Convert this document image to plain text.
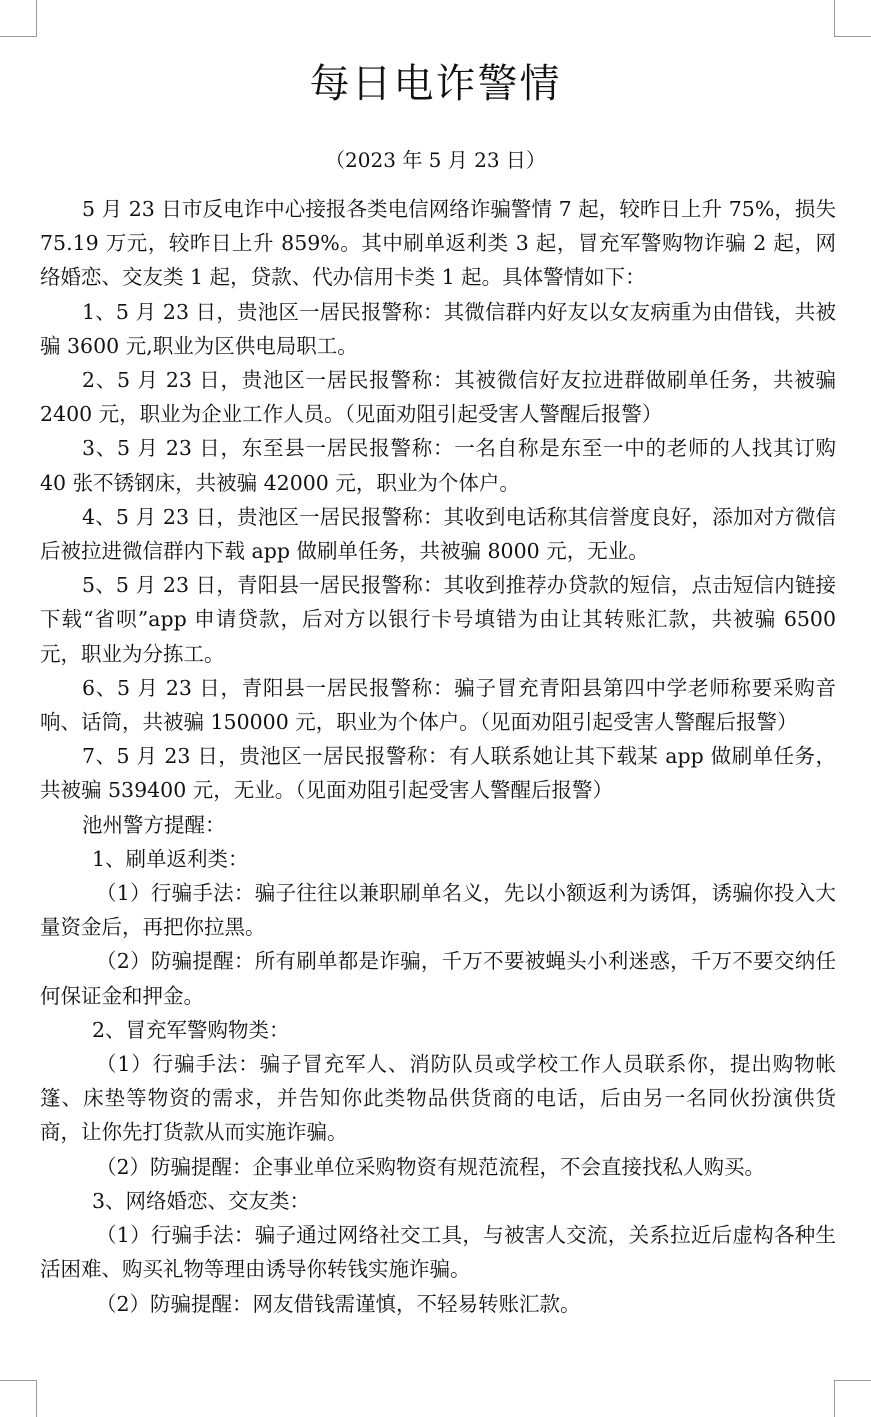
每日电诈警情

（2023 年 5 月 23 日）

5 月 23 日市反电诈中心接报各类电信网络诈骗警情 7 起，较昨日上升 75%，损失 75.19 万元，较昨日上升 859%。其中刷单返利类 3 起，冒充军警购物诈骗 2 起，网络婚恋、交友类 1 起，贷款、代办信用卡类 1 起。具体警情如下：

1、5 月 23 日，贵池区一居民报警称：其微信群内好友以女友病重为由借钱，共被骗 3600 元,职业为区供电局职工。

2、5 月 23 日，贵池区一居民报警称：其被微信好友拉进群做刷单任务，共被骗 2400 元，职业为企业工作人员。（见面劝阻引起受害人警醒后报警）

3、5 月 23 日，东至县一居民报警称：一名自称是东至一中的老师的人找其订购 40 张不锈钢床，共被骗 42000 元，职业为个体户。

4、5 月 23 日，贵池区一居民报警称：其收到电话称其信誉度良好，添加对方微信后被拉进微信群内下载 app 做刷单任务，共被骗 8000 元，无业。

5、5 月 23 日，青阳县一居民报警称：其收到推荐办贷款的短信，点击短信内链接下载“省呗”app 申请贷款，后对方以银行卡号填错为由让其转账汇款，共被骗 6500 元，职业为分拣工。

6、5 月 23 日，青阳县一居民报警称：骗子冒充青阳县第四中学老师称要采购音响、话筒，共被骗 150000 元，职业为个体户。（见面劝阻引起受害人警醒后报警）

7、5 月 23 日，贵池区一居民报警称：有人联系她让其下载某 app 做刷单任务，共被骗 539400 元，无业。（见面劝阻引起受害人警醒后报警）

池州警方提醒：

1、刷单返利类：

（1）行骗手法：骗子往往以兼职刷单名义，先以小额返利为诱饵，诱骗你投入大量资金后，再把你拉黑。

（2）防骗提醒：所有刷单都是诈骗，千万不要被蝇头小利迷惑，千万不要交纳任何保证金和押金。

2、冒充军警购物类：

（1）行骗手法：骗子冒充军人、消防队员或学校工作人员联系你，提出购物帐篷、床垫等物资的需求，并告知你此类物品供货商的电话，后由另一名同伙扮演供货商，让你先打货款从而实施诈骗。

（2）防骗提醒：企事业单位采购物资有规范流程，不会直接找私人购买。

3、网络婚恋、交友类：

（1）行骗手法：骗子通过网络社交工具，与被害人交流，关系拉近后虚构各种生活困难、购买礼物等理由诱导你转钱实施诈骗。

（2）防骗提醒：网友借钱需谨慎，不轻易转账汇款。
